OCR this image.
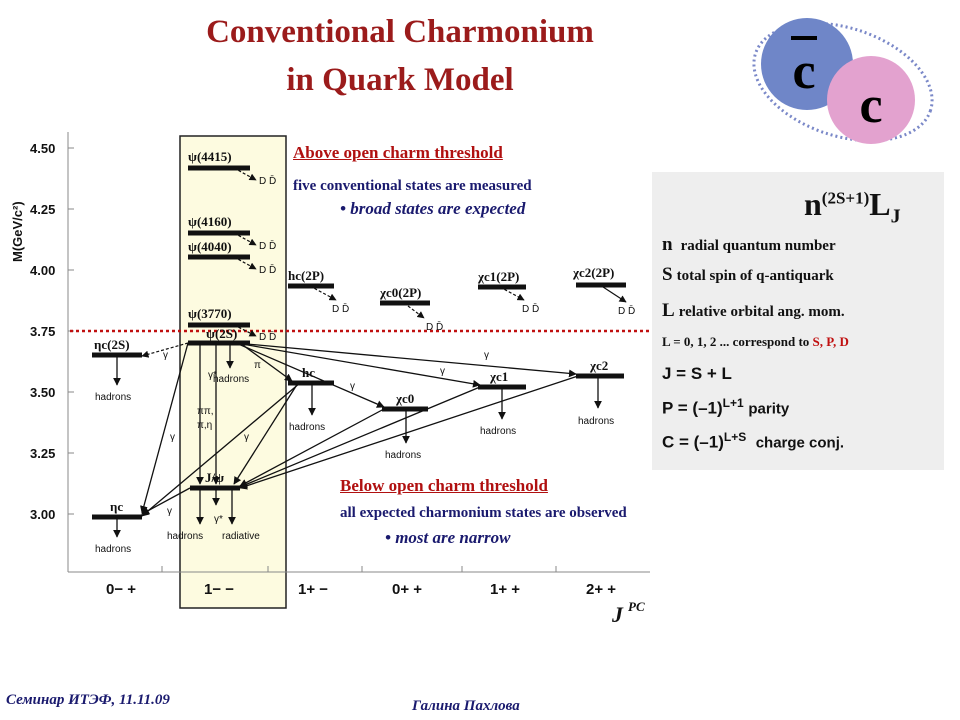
Conventional Charmonium
in Quark Model	c
c
4.50
4.25
4.00
3.75
3.50
3.25
3.00
M(GeV/c²)
0− +	1− −	1+ −	0+ +	1+ +	2+ +
J PC
ψ(4415)
ψ(4160)
ψ(4040)
ψ(3770)
ψ(2S)
J/ψ
ηc(2S)
ηc
hc
χc0
χc1
χc2
hc(2P)
χc0(2P)
χc1(2P)	χc2(2P)
D D̄
D D̄
D D̄
D D̄
D D̄
D D̄
D D̄	D D̄
hadrons
hadrons
hadrons
hadrons
hadrons
hadrons
hadrons
hadrons radiative
γ
π
γ*
γ
γ
γ
ππ,
π,η
γ	γ
γ
γ*
Above open charm threshold
five conventional states are measured
• broad states are expected
Below open charm threshold
all expected charmonium states are observed
• most are narrow
$n^{(2S+1)}L_J$
n radial quantum number
S total spin of q-antiquark
L relative orbital ang. mom.
L = 0, 1, 2 ... correspond to S, P, D
J = S + L
$P = (-1)^{L+1}$ parity
$C = (-1)^{L+S}$ charge conj.
Семинар ИТЭФ, 11.11.09	Галина Пахлова
